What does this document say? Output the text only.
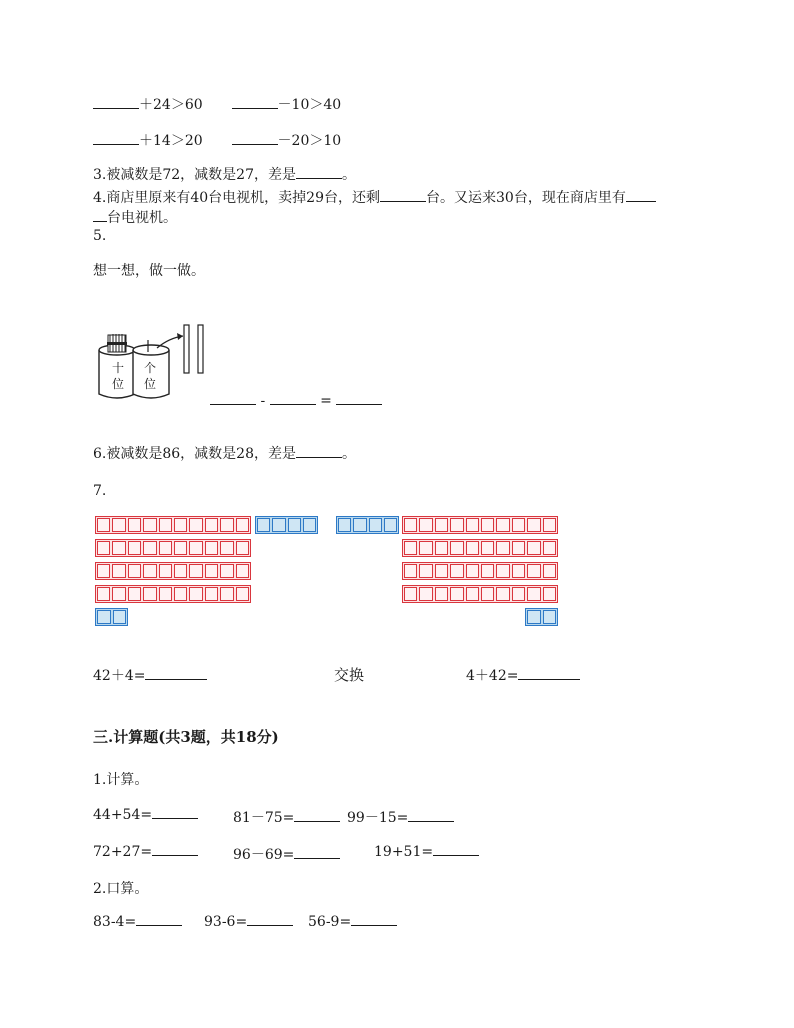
＋24＞60	－10＞40
＋14＞20	－20＞10
3.被减数是72，减数是27，差是	。
4.商店里原来有40台电视机，卖掉29台，还剩	台。又运来30台，现在商店里有
台电视机。
5.
想一想，做一做。
十
位
个
位
-	=
6.被减数是86，减数是28，差是	。
7.
42＋4=	交换	4＋42=
三.计算题(共3题，共18分)
1.计算。
44+54=	81－75=	99－15=
72+27=	96－69=	19+51=
2.口算。
83-4=	93-6=	56-9=
